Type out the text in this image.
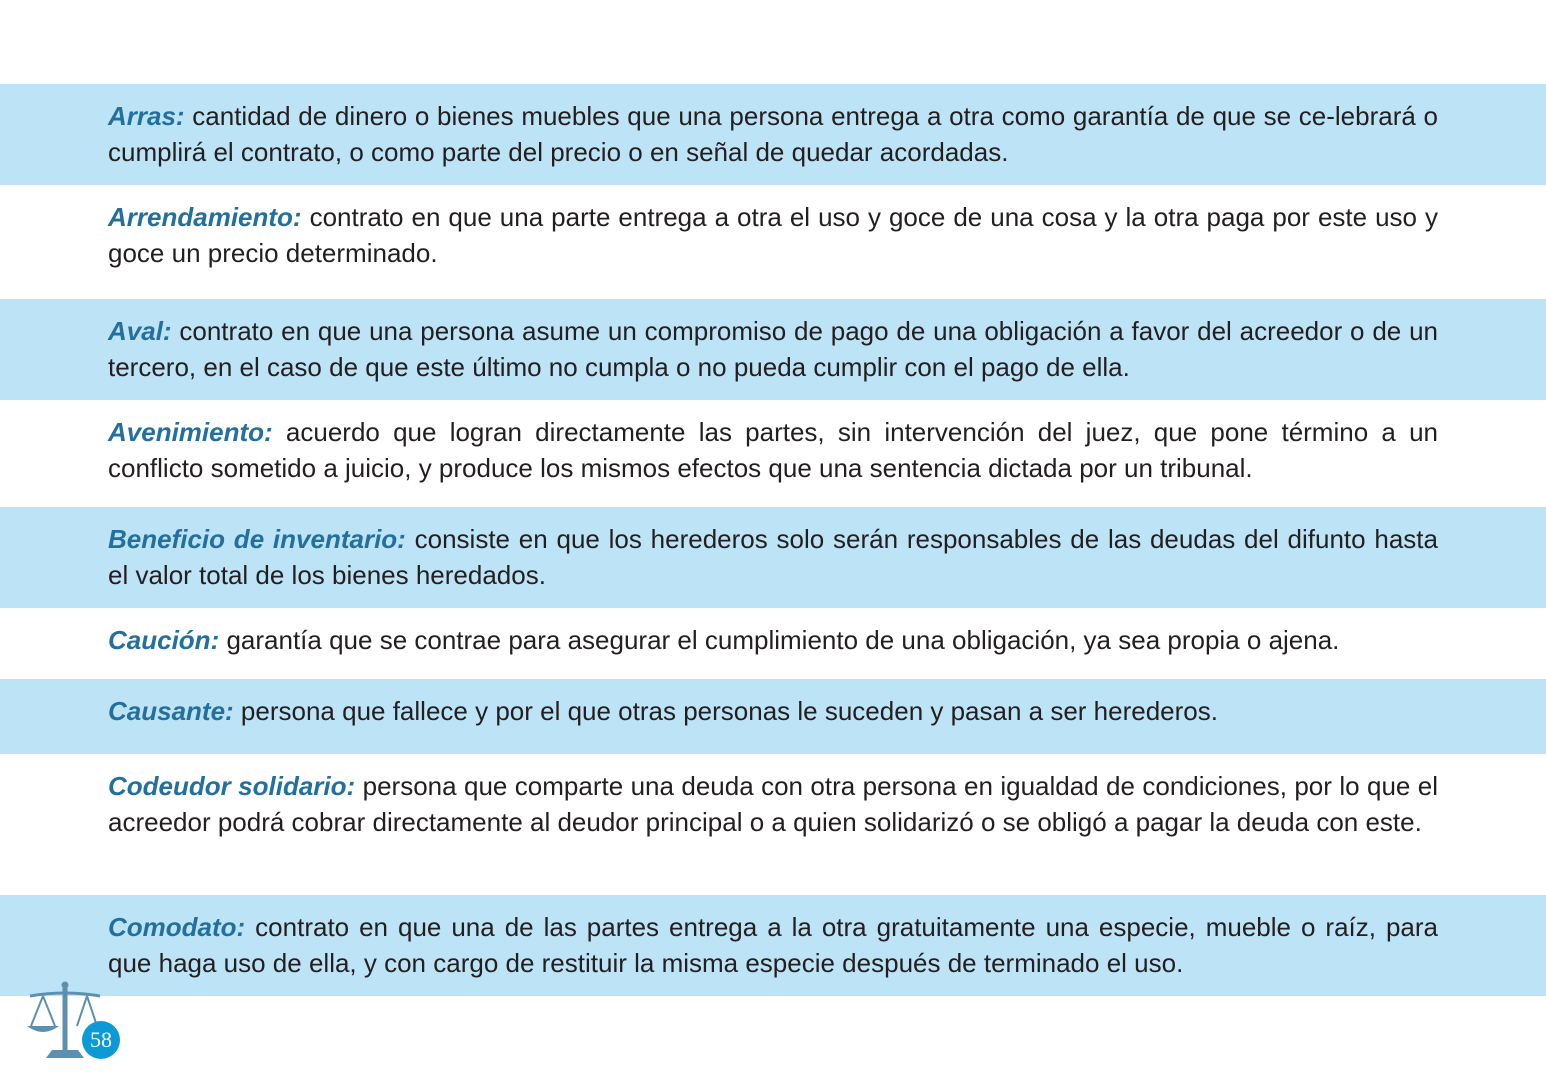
Arras: cantidad de dinero o bienes muebles que una persona entrega a otra como garantía de que se ce-lebrará o cumplirá el contrato, o como parte del precio o en señal de quedar acordadas.
Arrendamiento: contrato en que una parte entrega a otra el uso y goce de una cosa y la otra paga por este uso y goce un precio determinado.
Aval: contrato en que una persona asume un compromiso de pago de una obligación a favor del acreedor o de un tercero, en el caso de que este último no cumpla o no pueda cumplir con el pago de ella.
Avenimiento: acuerdo que logran directamente las partes, sin intervención del juez, que pone término a un conflicto sometido a juicio, y produce los mismos efectos que una sentencia dictada por un tribunal.
Beneficio de inventario: consiste en que los herederos solo serán responsables de las deudas del difunto hasta el valor total de los bienes heredados.
Caución: garantía que se contrae para asegurar el cumplimiento de una obligación, ya sea propia o ajena.
Causante: persona que fallece y por el que otras personas le suceden y pasan a ser herederos.
Codeudor solidario: persona que comparte una deuda con otra persona en igualdad de condiciones, por lo que el acreedor podrá cobrar directamente al deudor principal o a quien solidarizó o se obligó a pagar la deuda con este.
Comodato: contrato en que una de las partes entrega a la otra gratuitamente una especie, mueble o raíz, para que haga uso de ella, y con cargo de restituir la misma especie después de terminado el uso.
58
